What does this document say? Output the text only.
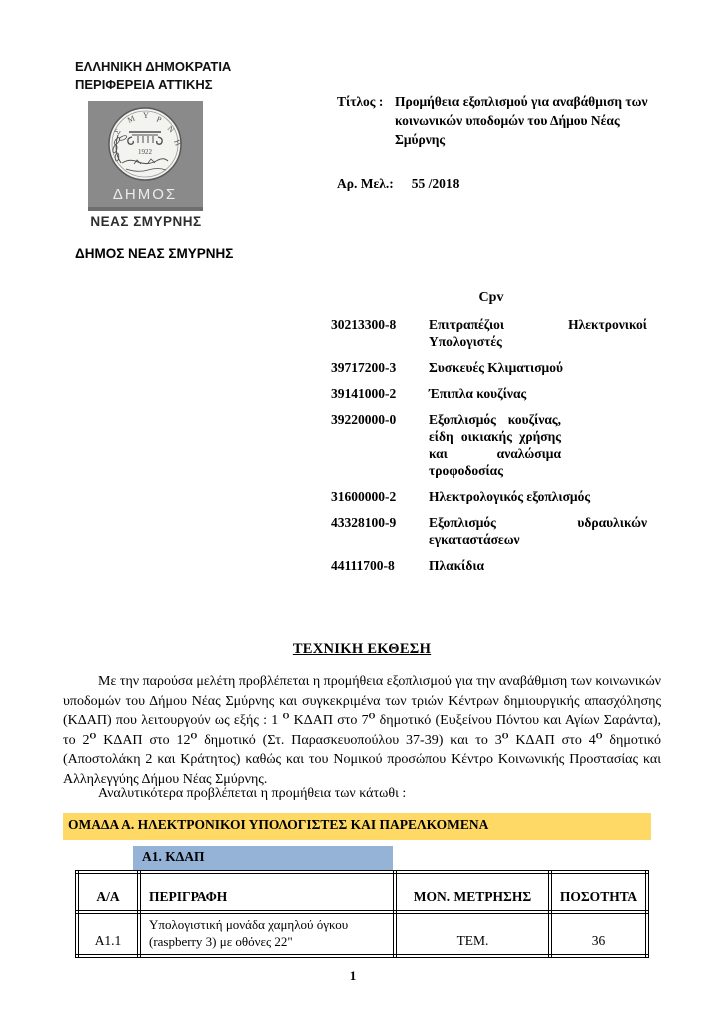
ΕΛΛΗΝΙΚΗ ΔΗΜΟΚΡΑΤΙΑ
ΠΕΡΙΦΕΡΕΙΑ ΑΤΤΙΚΗΣ
Σ
Μ Υ Ρ
Ν
Η
1922
ΔΗΜΟΣ
ΝΕΑΣ ΣΜΥΡΝΗΣ
ΔΗΜΟΣ ΝΕΑΣ ΣΜΥΡΝΗΣ
Τίτλος : Προμήθεια εξοπλισμού για αναβάθμιση των κοινωνικών υποδομών του Δήμου Νέας Σμύρνης
Αρ. Μελ.: 55 /2018
Cpv
30213300-8	Επιτραπέζιοι Ηλεκτρονικοί Υπολογιστές
39717200-3	Συσκευές Κλιματισμού
39141000-2	Έπιπλα κουζίνας
39220000-0	Εξοπλισμός κουζίνας, είδη οικιακής χρήσης και αναλώσιμα τροφοδοσίας
31600000-2	Ηλεκτρολογικός εξοπλισμός
43328100-9	Εξοπλισμός υδραυλικών εγκαταστάσεων
44111700-8	Πλακίδια
ΤΕΧΝΙΚΗ ΕΚΘΕΣΗ
Με την παρούσα μελέτη προβλέπεται η προμήθεια εξοπλισμού για την αναβάθμιση των κοινωνικών υποδομών του Δήμου Νέας Σμύρνης και συγκεκριμένα των τριών Κέντρων δημιουργικής απασχόλησης (ΚΔΑΠ) που λειτουργούν ως εξής : 1 $^O$ ΚΔΑΠ στο $7^O$ δημοτικό (Ευξείνου Πόντου και Αγίων Σαράντα), το $2^O$ ΚΔΑΠ στο $12^O$ δημοτικό (Στ. Παρασκευοπούλου 37-39) και το $3^O$ ΚΔΑΠ στο $4^O$ δημοτικό (Αποστολάκη 2 και Κράτητος) καθώς και του Νομικού προσώπου Κέντρο Κοινωνικής Προστασίας και Αλληλεγγύης Δήμου Νέας Σμύρνης.
Αναλυτικότερα προβλέπεται η προμήθεια των κάτωθι :
ΟΜΑΔΑ Α. ΗΛΕΚΤΡΟΝΙΚΟΙ ΥΠΟΛΟΓΙΣΤΕΣ ΚΑΙ ΠΑΡΕΛΚΟΜΕΝΑ
Α1. ΚΔΑΠ
Α/Α	ΠΕΡΙΓΡΑΦΗ	ΜΟΝ. ΜΕΤΡΗΣΗΣ	ΠΟΣΟΤΗΤΑ
Α1.1	Υπολογιστική μονάδα χαμηλού όγκου (raspberry 3) με οθόνες 22"	ΤΕΜ.	36
1
